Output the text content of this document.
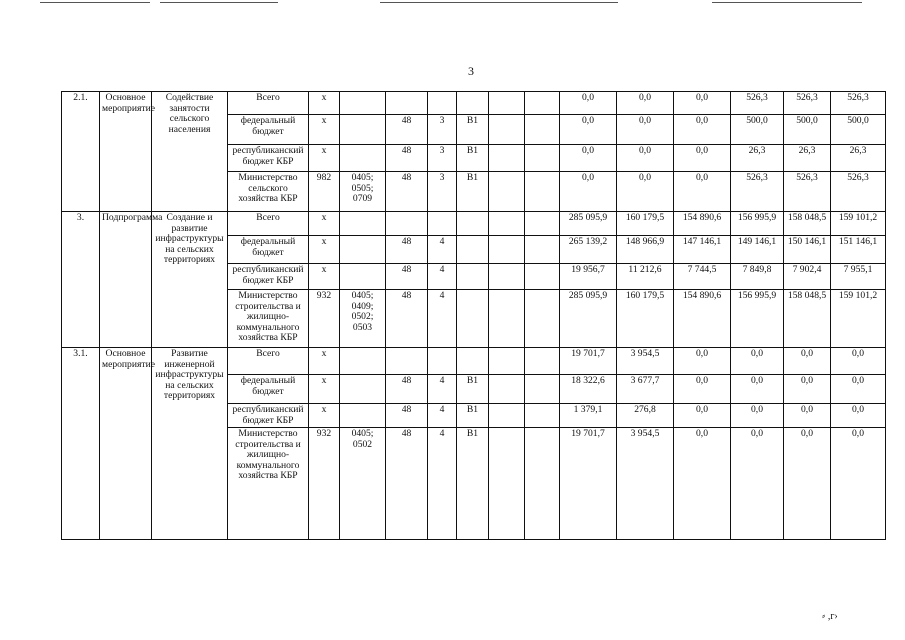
3
2.1.	Основное мероприятие	Содействие занятости сельского населения	Всего	х							0,0	0,0	0,0	526,3	526,3	526,3
			федеральный бюджет	х		48	3	В1			0,0	0,0	0,0	500,0	500,0	500,0
			республиканский бюджет КБР	х		48	3	В1			0,0	0,0	0,0	26,3	26,3	26,3
			Министерство сельского хозяйства КБР	982	0405; 0505; 0709	48	3	В1			0,0	0,0	0,0	526,3	526,3	526,3
3.	Подпрограмма	Создание и развитие инфраструктуры на сельских территориях	Всего	х							285 095,9	160 179,5	154 890,6	156 995,9	158 048,5	159 101,2
			федеральный бюджет	х		48	4				265 139,2	148 966,9	147 146,1	149 146,1	150 146,1	151 146,1
			республиканский бюджет КБР	х		48	4				19 956,7	11 212,6	7 744,5	7 849,8	7 902,4	7 955,1
			Министерство строительства и жилищно-коммунального хозяйства КБР	932	0405; 0409; 0502; 0503	48	4				285 095,9	160 179,5	154 890,6	156 995,9	158 048,5	159 101,2
3.1.	Основное мероприятие	Развитие инженерной инфраструктуры на сельских территориях	Всего	х							19 701,7	3 954,5	0,0	0,0	0,0	0,0
			федеральный бюджет	х		48	4	В1			18 322,6	3 677,7	0,0	0,0	0,0	0,0
			республиканский бюджет КБР	х		48	4	В1			1 379,1	276,8	0,0	0,0	0,0	0,0
			Министерство строительства и жилищно-коммунального хозяйства КБР	932	0405; 0502	48	4	В1			19 701,7	3 954,5	0,0	0,0	0,0	0,0
⸗ ,г›
